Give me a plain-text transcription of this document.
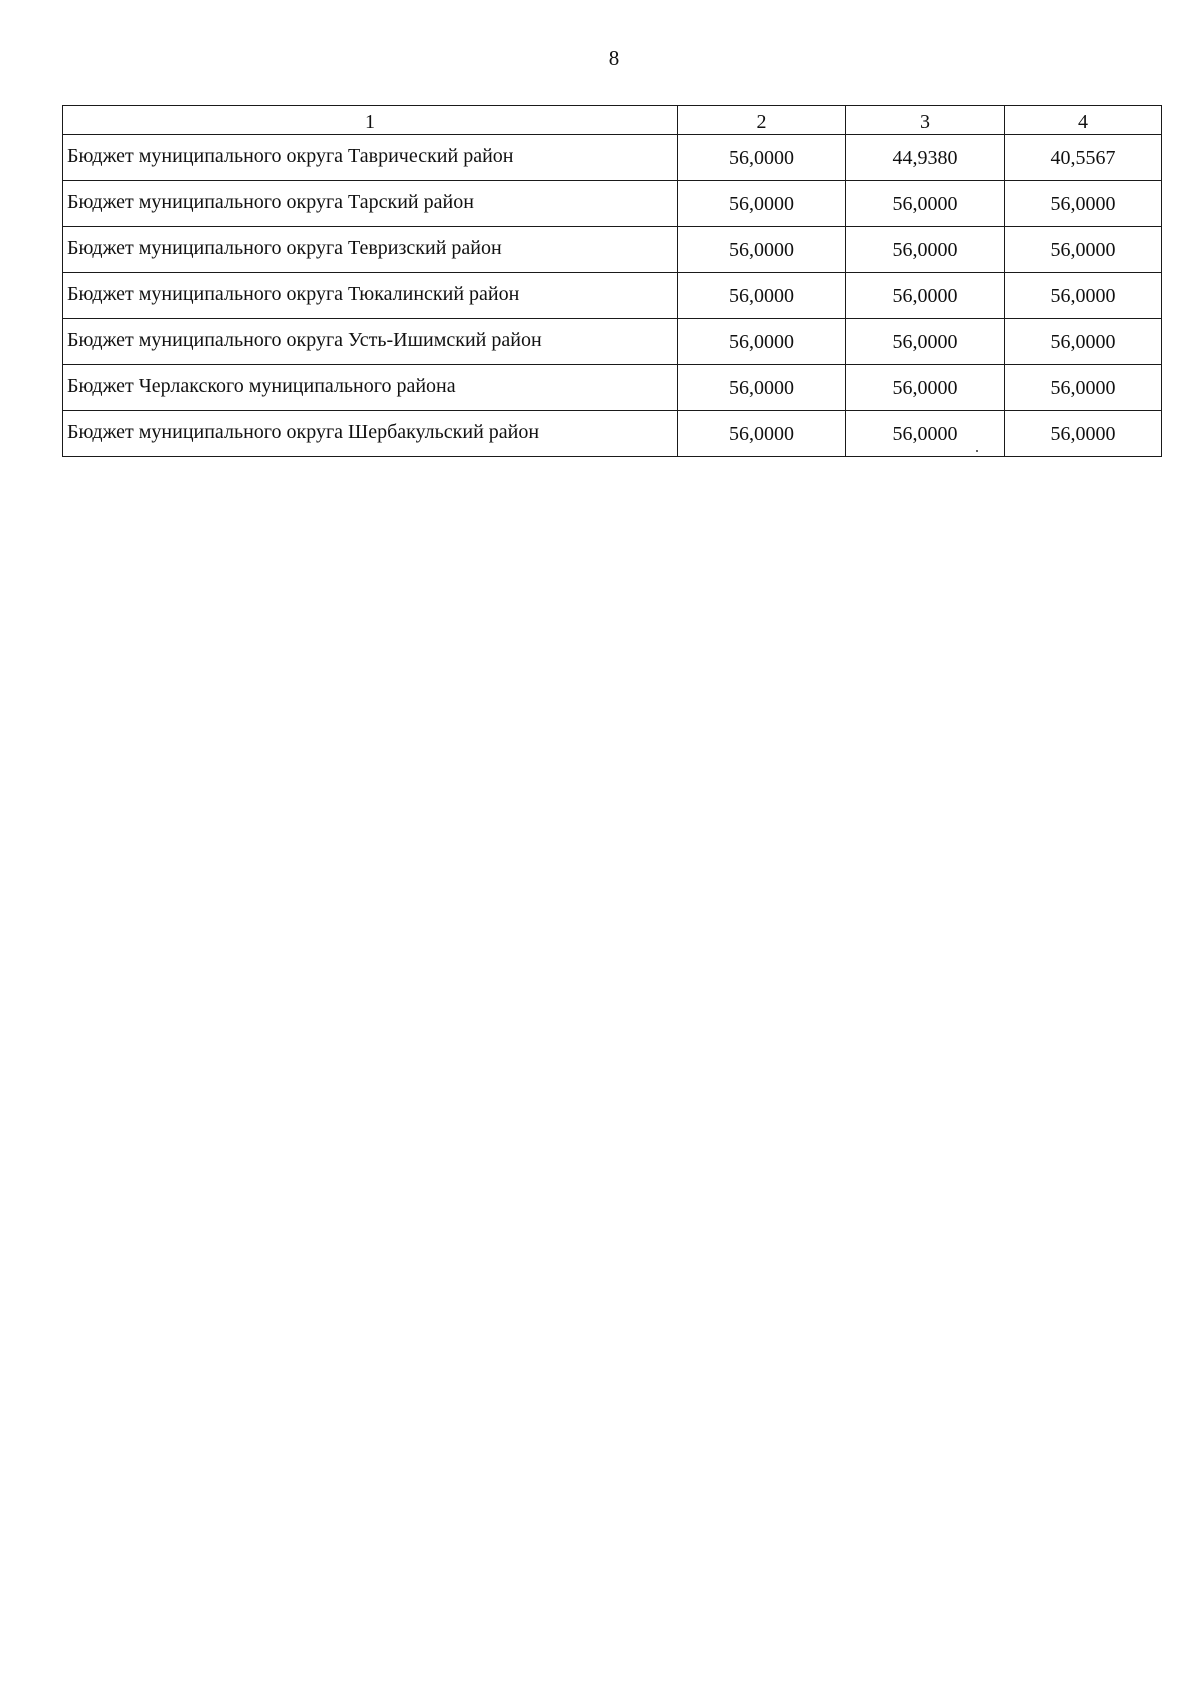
8
1	2	3	4
Бюджет муниципального округа Таврический район	56,0000	44,9380	40,5567
Бюджет муниципального округа Тарский район	56,0000	56,0000	56,0000
Бюджет муниципального округа Тевризский район	56,0000	56,0000	56,0000
Бюджет муниципального округа Тюкалинский район	56,0000	56,0000	56,0000
Бюджет муниципального округа Усть-Ишимский район	56,0000	56,0000	56,0000
Бюджет Черлакского муниципального района	56,0000	56,0000	56,0000
Бюджет муниципального округа Шербакульский район	56,0000	56,0000	56,0000
